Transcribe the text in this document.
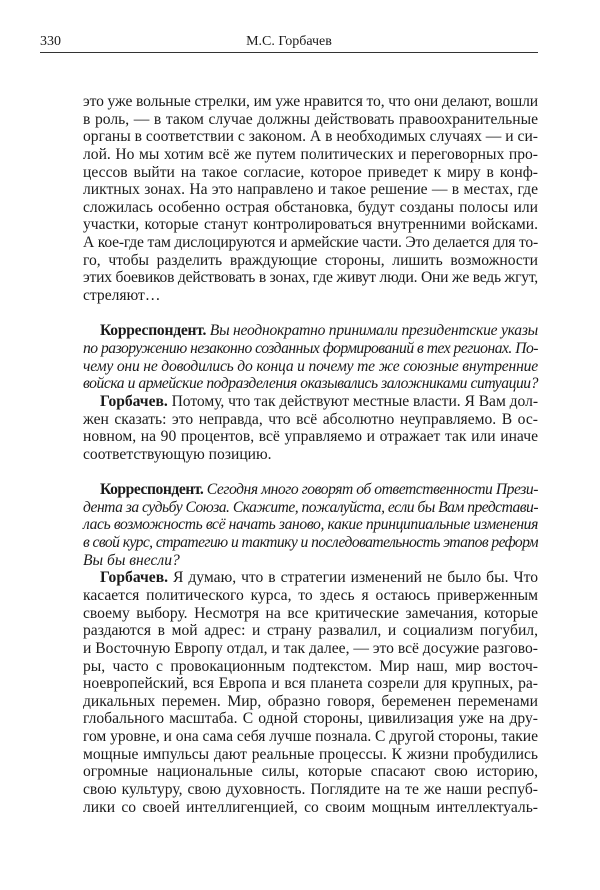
330	М.С. Горбачев
это уже вольные стрелки, им уже нравится то, что они делают, вошли
в роль, — в таком случае должны действовать правоохранительные
органы в соответствии с законом. А в необходимых случаях — и си-
лой. Но мы хотим всё же путем политических и переговорных про-
цессов выйти на такое согласие, которое приведет к миру в конф-
ликтных зонах. На это направлено и такое решение — в местах, где
сложилась особенно острая обстановка, будут созданы полосы или
участки, которые станут контролироваться внутренними войсками.
А кое-где там дислоцируются и армейские части. Это делается для то-
го, чтобы разделить враждующие стороны, лишить возможности
этих боевиков действовать в зонах, где живут люди. Они же ведь жгут,
стреляют…
Корреспондент. Вы неоднократно принимали президентские указы
по разоружению незаконно созданных формирований в тех регионах. По-
чему они не доводились до конца и почему те же союзные внутренние
войска и армейские подразделения оказывались заложниками ситуации?
Горбачев. Потому, что так действуют местные власти. Я Вам дол-
жен сказать: это неправда, что всё абсолютно неуправляемо. В ос-
новном, на 90 процентов, всё управляемо и отражает так или иначе
соответствующую позицию.
Корреспондент. Сегодня много говорят об ответственности Прези-
дента за судьбу Союза. Скажите, пожалуйста, если бы Вам представи-
лась возможность всё начать заново, какие принципиальные изменения
в свой курс, стратегию и тактику и последовательность этапов реформ
Вы бы внесли?
Горбачев. Я думаю, что в стратегии изменений не было бы. Что
касается политического курса, то здесь я остаюсь приверженным
своему выбору. Несмотря на все критические замечания, которые
раздаются в мой адрес: и страну развалил, и социализм погубил,
и Восточную Европу отдал, и так далее, — это всё досужие разгово-
ры, часто с провокационным подтекстом. Мир наш, мир восточ-
ноевропейский, вся Европа и вся планета созрели для крупных, ра-
дикальных перемен. Мир, образно говоря, беременен переменами
глобального масштаба. С одной стороны, цивилизация уже на дру-
гом уровне, и она сама себя лучше познала. С другой стороны, такие
мощные импульсы дают реальные процессы. К жизни пробудились
огромные национальные силы, которые спасают свою историю,
свою культуру, свою духовность. Поглядите на те же наши респуб-
лики со своей интеллигенцией, со своим мощным интеллектуаль-
